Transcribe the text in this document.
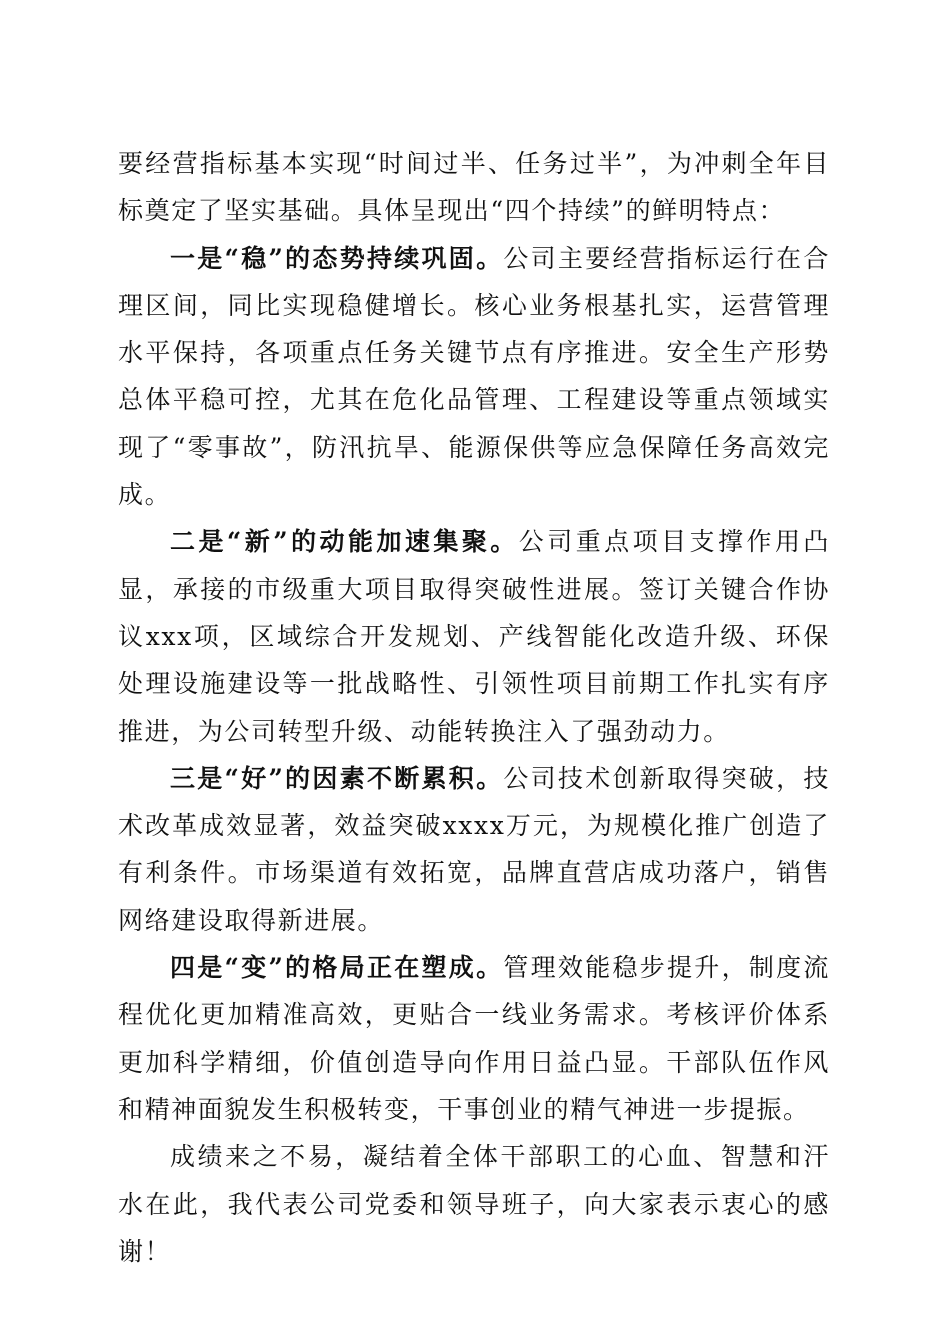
要经营指标基本实现“时间过半、任务过半”，为冲刺全年目标奠定了坚实基础。具体呈现出“四个持续”的鲜明特点：

一是“稳”的态势持续巩固。公司主要经营指标运行在合理区间，同比实现稳健增长。核心业务根基扎实，运营管理水平保持，各项重点任务关键节点有序推进。安全生产形势总体平稳可控，尤其在危化品管理、工程建设等重点领域实现了“零事故”，防汛抗旱、能源保供等应急保障任务高效完成。

二是“新”的动能加速集聚。公司重点项目支撑作用凸显，承接的市级重大项目取得突破性进展。签订关键合作协议xxx项，区域综合开发规划、产线智能化改造升级、环保处理设施建设等一批战略性、引领性项目前期工作扎实有序推进，为公司转型升级、动能转换注入了强劲动力。

三是“好”的因素不断累积。公司技术创新取得突破，技术改革成效显著，效益突破xxxx万元，为规模化推广创造了有利条件。市场渠道有效拓宽，品牌直营店成功落户，销售网络建设取得新进展。

四是“变”的格局正在塑成。管理效能稳步提升，制度流程优化更加精准高效，更贴合一线业务需求。考核评价体系更加科学精细，价值创造导向作用日益凸显。干部队伍作风和精神面貌发生积极转变，干事创业的精气神进一步提振。

成绩来之不易，凝结着全体干部职工的心血、智慧和汗水在此，我代表公司党委和领导班子，向大家表示衷心的感谢！
